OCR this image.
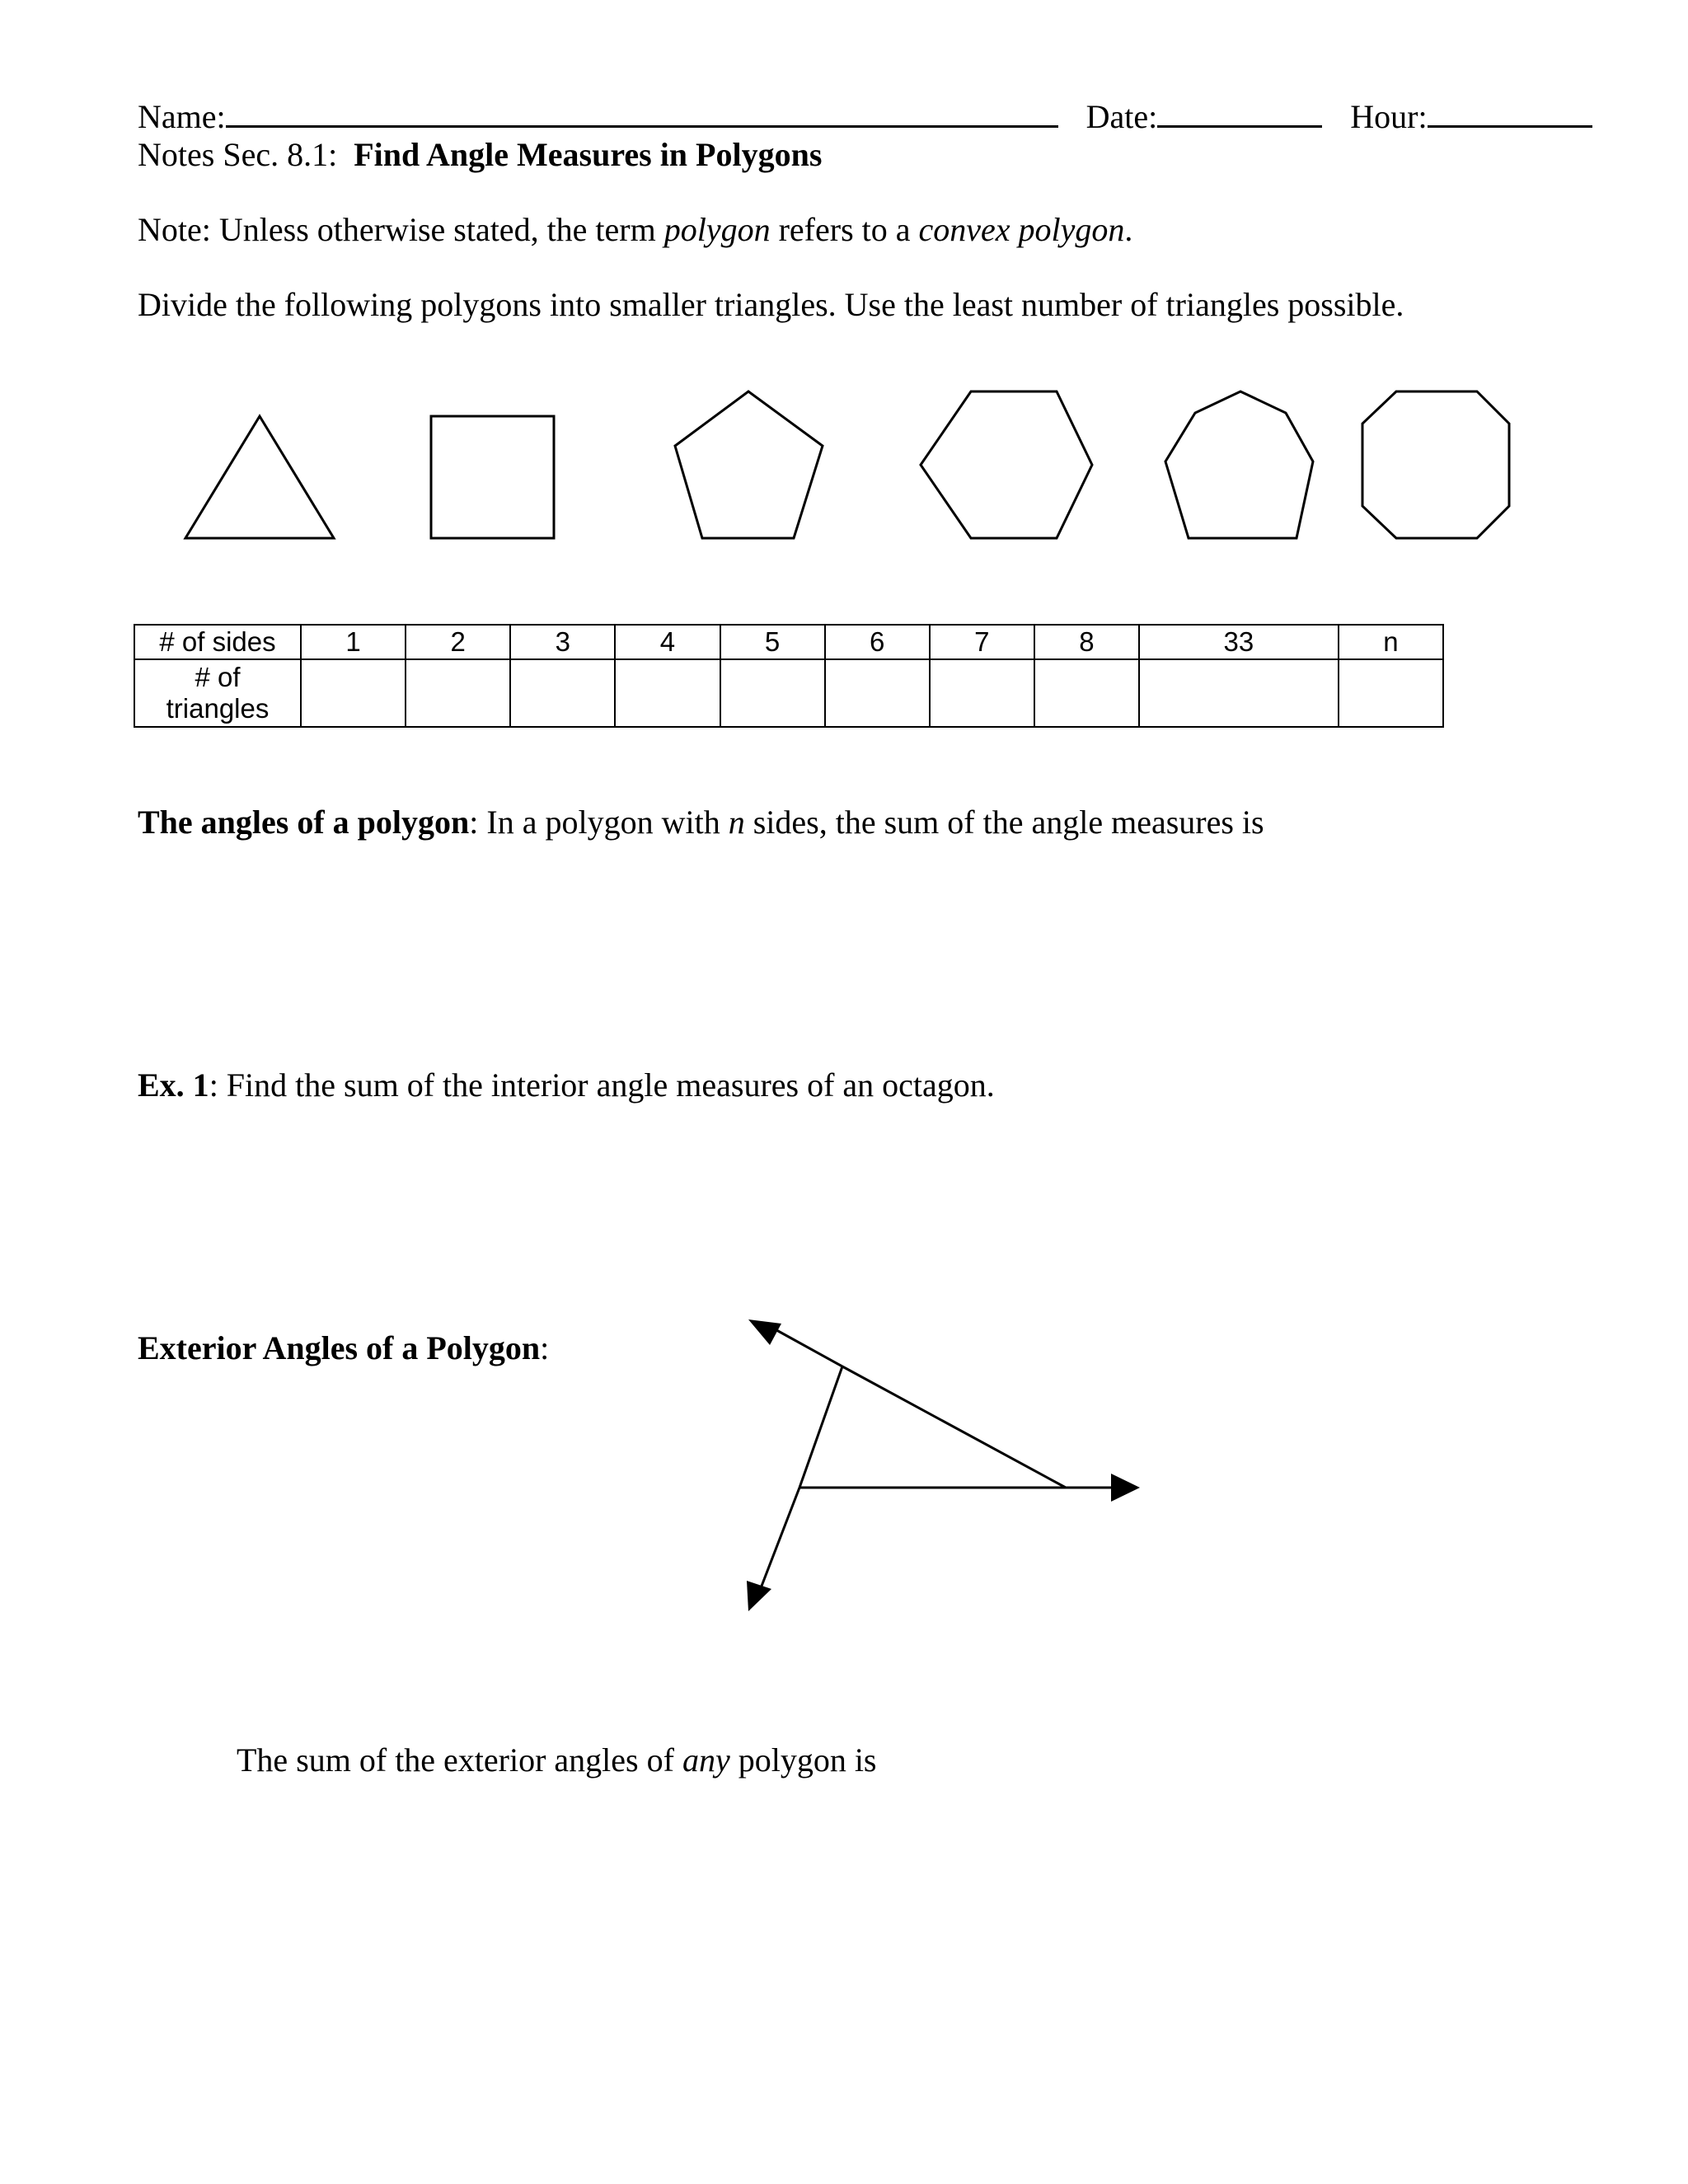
Name:	Date:	Hour:
Notes Sec. 8.1: Find Angle Measures in Polygons
Note: Unless otherwise stated, the term polygon refers to a convex polygon.
Divide the following polygons into smaller triangles. Use the least number of triangles possible.
# of sides	1	2	3	4	5	6	7	8	33	n
# of triangles										
The angles of a polygon: In a polygon with n sides, the sum of the angle measures is
Ex. 1: Find the sum of the interior angle measures of an octagon.
Exterior Angles of a Polygon:
The sum of the exterior angles of any polygon is
